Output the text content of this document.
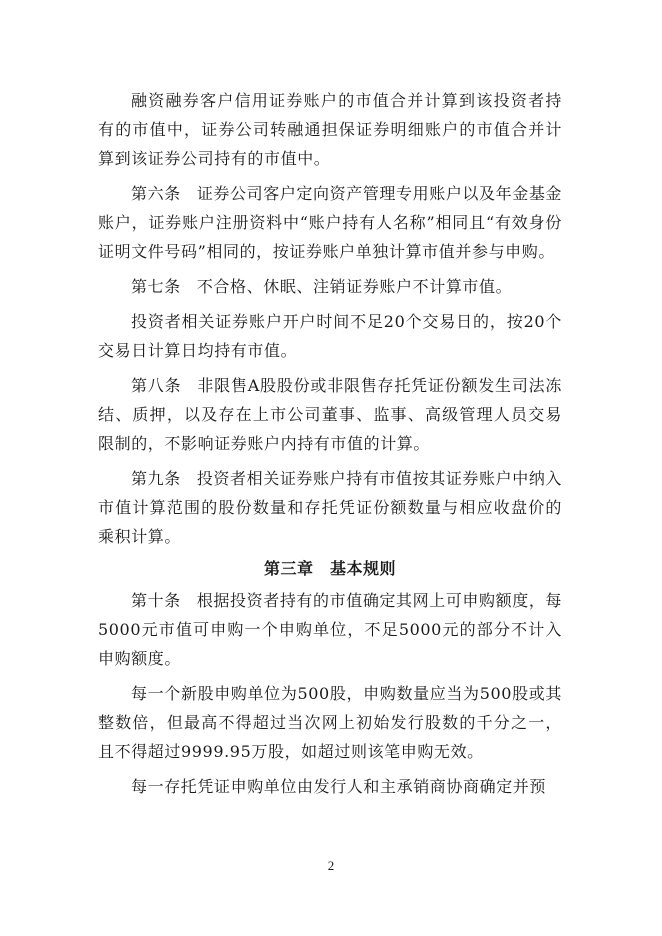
融资融券客户信用证券账户的市值合并计算到该投资者持有的市值中，证券公司转融通担保证券明细账户的市值合并计算到该证券公司持有的市值中。

第六条 证券公司客户定向资产管理专用账户以及年金基金账户，证券账户注册资料中“账户持有人名称”相同且“有效身份证明文件号码”相同的，按证券账户单独计算市值并参与申购。

第七条 不合格、休眠、注销证券账户不计算市值。

投资者相关证券账户开户时间不足20个交易日的，按20个交易日计算日均持有市值。

第八条 非限售A股股份或非限售存托凭证份额发生司法冻结、质押，以及存在上市公司董事、监事、高级管理人员交易限制的，不影响证券账户内持有市值的计算。

第九条 投资者相关证券账户持有市值按其证券账户中纳入市值计算范围的股份数量和存托凭证份额数量与相应收盘价的乘积计算。

第三章　基本规则

第十条 根据投资者持有的市值确定其网上可申购额度，每5000元市值可申购一个申购单位，不足5000元的部分不计入申购额度。

每一个新股申购单位为500股，申购数量应当为500股或其整数倍，但最高不得超过当次网上初始发行股数的千分之一，且不得超过9999.95万股，如超过则该笔申购无效。

每一存托凭证申购单位由发行人和主承销商协商确定并预

2
